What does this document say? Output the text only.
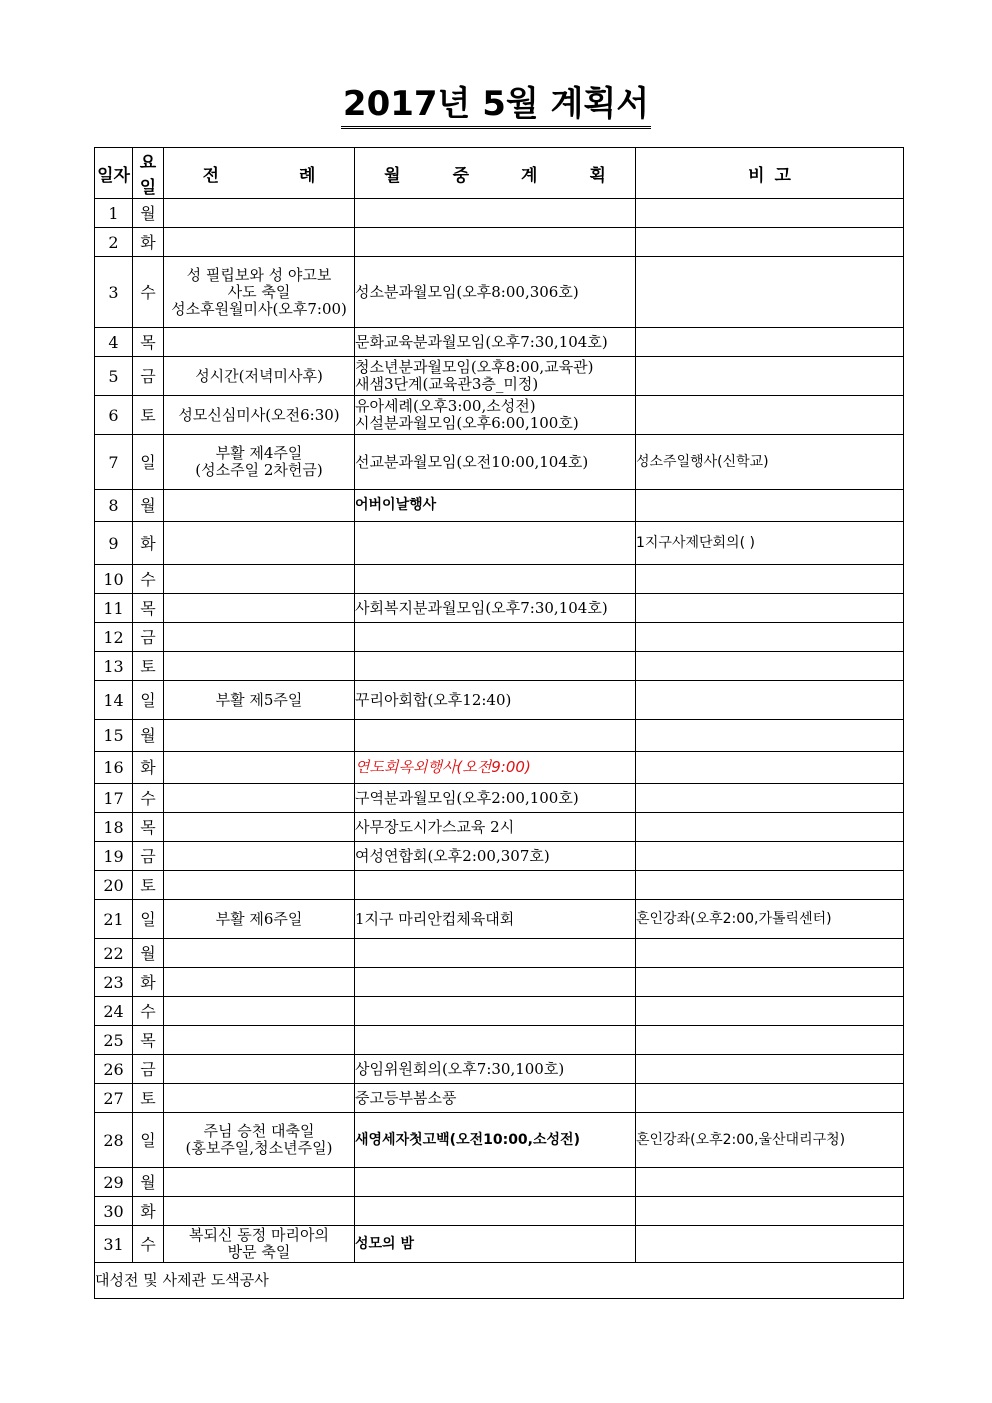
2017년 5월 계획서
일자	요일	전 례	월 중 계 획	비 고
1	월			
2	화			
3	수	성 필립보와 성 야고보
사도 축일
성소후원월미사(오후7:00)	성소분과월모임(오후8:00,306호)	

4	목		문화교육분과월모임(오후7:30,104호)	

5	금	성시간(저녁미사후)	청소년분과월모임(오후8:00,교육관)
새샘3단계(교육관3층_미정)	

6	토	성모신심미사(오전6:30)	유아세례(오후3:00,소성전)
시설분과월모임(오후6:00,100호)	

7	일	부활 제4주일
(성소주일 2차헌금)	선교분과월모임(오전10:00,104호)	성소주일행사(신학교)
8	월		어버이날행사	

9	화			1지구사제단회의( )
10	수			
11	목		사회복지분과월모임(오후7:30,104호)	

12	금			
13	토			
14	일	부활 제5주일	꾸리아회합(오후12:40)	

15	월			
16	화		연도회옥외행사(오전9:00)	

17	수		구역분과월모임(오후2:00,100호)	

18	목		사무장도시가스교육 2시	

19	금		여성연합회(오후2:00,307호)	

20	토			
21	일	부활 제6주일	1지구 마리안컵체육대회	혼인강좌(오후2:00,가톨릭센터)
22	월			
23	화			
24	수			
25	목			
26	금		상임위원회의(오후7:30,100호)	

27	토		중고등부봄소풍	

28	일	주님 승천 대축일
(홍보주일,청소년주일)	새영세자첫고백(오전10:00,소성전)	혼인강좌(오후2:00,울산대리구청)
29	월			
30	화			
31	수	복되신 동정 마리아의
방문 축일	성모의 밤	

대성전 및 사제관 도색공사				
